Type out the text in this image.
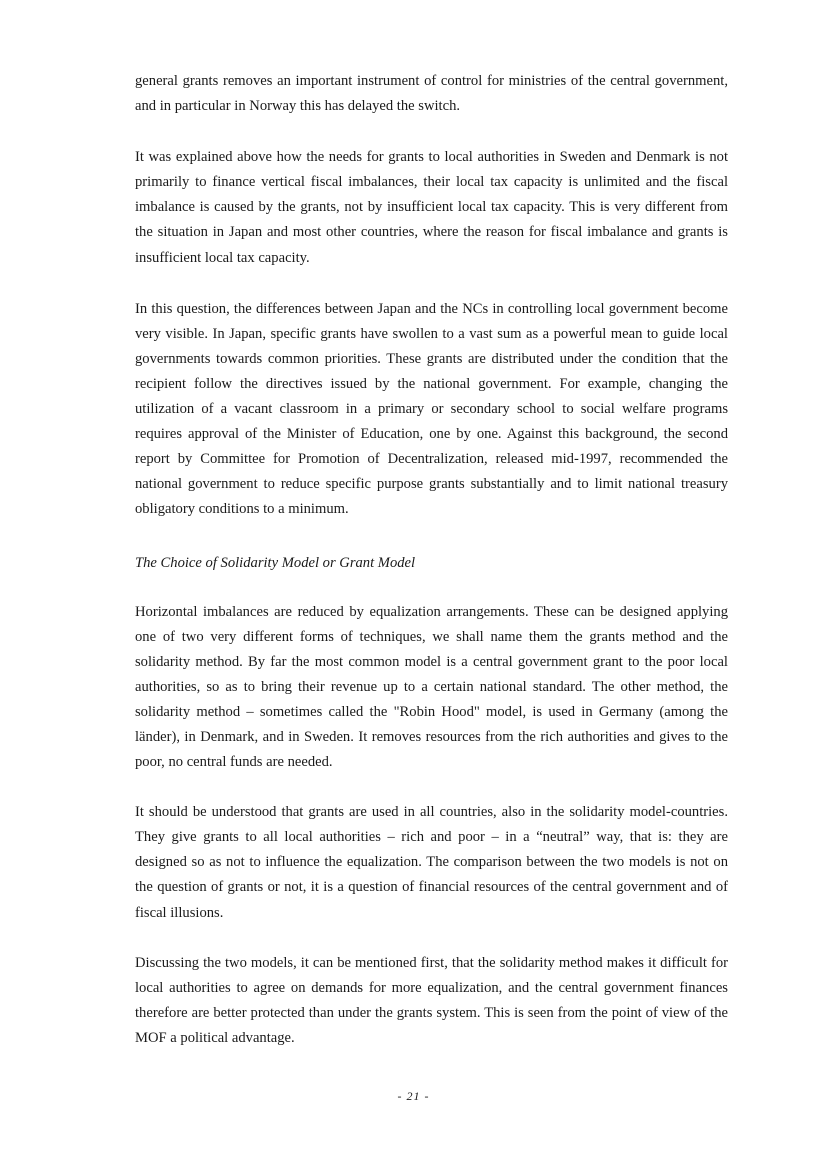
general grants removes an important instrument of control for ministries of the central government, and in particular in Norway this has delayed the switch.

It was explained above how the needs for grants to local authorities in Sweden and Denmark is not primarily to finance vertical fiscal imbalances, their local tax capacity is unlimited and the fiscal imbalance is caused by the grants, not by insufficient local tax capacity. This is very different from the situation in Japan and most other countries, where the reason for fiscal imbalance and grants is insufficient local tax capacity.

In this question, the differences between Japan and the NCs in controlling local government become very visible. In Japan, specific grants have swollen to a vast sum as a powerful mean to guide local governments towards common priorities. These grants are distributed under the condition that the recipient follow the directives issued by the national government. For example, changing the utilization of a vacant classroom in a primary or secondary school to social welfare programs requires approval of the Minister of Education, one by one. Against this background, the second report by Committee for Promotion of Decentralization, released mid-1997, recommended the national government to reduce specific purpose grants substantially and to limit national treasury obligatory conditions to a minimum.

The Choice of Solidarity Model or Grant Model

Horizontal imbalances are reduced by equalization arrangements. These can be designed applying one of two very different forms of techniques, we shall name them the grants method and the solidarity method. By far the most common model is a central government grant to the poor local authorities, so as to bring their revenue up to a certain national standard. The other method, the solidarity method – sometimes called the "Robin Hood" model, is used in Germany (among the länder), in Denmark, and in Sweden. It removes resources from the rich authorities and gives to the poor, no central funds are needed.

It should be understood that grants are used in all countries, also in the solidarity model-countries. They give grants to all local authorities – rich and poor – in a “neutral” way, that is: they are designed so as not to influence the equalization. The comparison between the two models is not on the question of grants or not, it is a question of financial resources of the central government and of fiscal illusions.

Discussing the two models, it can be mentioned first, that the solidarity method makes it difficult for local authorities to agree on demands for more equalization, and the central government finances therefore are better protected than under the grants system. This is seen from the point of view of the MOF a political advantage.

- 21 -
